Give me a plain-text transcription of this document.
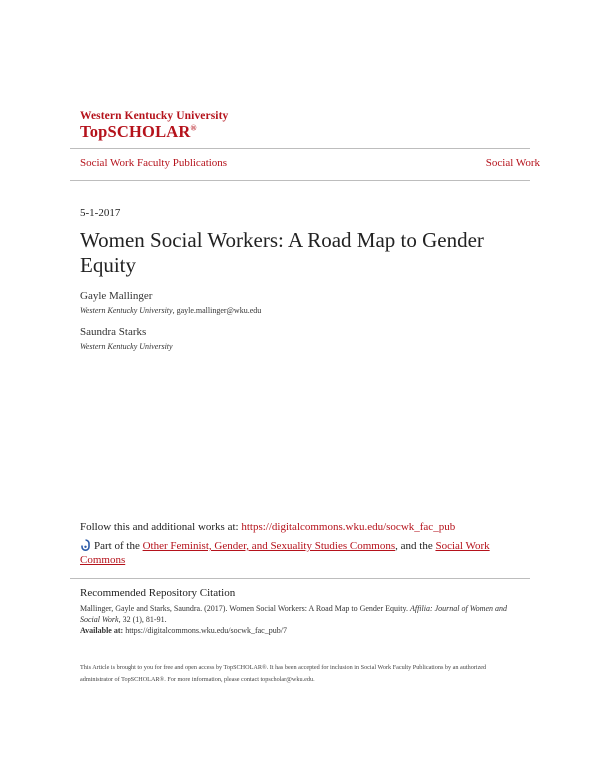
Western Kentucky University
TopSCHOLAR®
Social Work Faculty Publications	Social Work
5-1-2017
Women Social Workers: A Road Map to Gender Equity
Gayle Mallinger
Western Kentucky University, gayle.mallinger@wku.edu
Saundra Starks
Western Kentucky University
Follow this and additional works at: https://digitalcommons.wku.edu/socwk_fac_pub
Part of the Other Feminist, Gender, and Sexuality Studies Commons, and the Social Work Commons
Recommended Repository Citation
Mallinger, Gayle and Starks, Saundra. (2017). Women Social Workers: A Road Map to Gender Equity. Affilia: Journal of Women and Social Work, 32 (1), 81-91.
Available at: https://digitalcommons.wku.edu/socwk_fac_pub/7
This Article is brought to you for free and open access by TopSCHOLAR®. It has been accepted for inclusion in Social Work Faculty Publications by an authorized administrator of TopSCHOLAR®. For more information, please contact topscholar@wku.edu.
